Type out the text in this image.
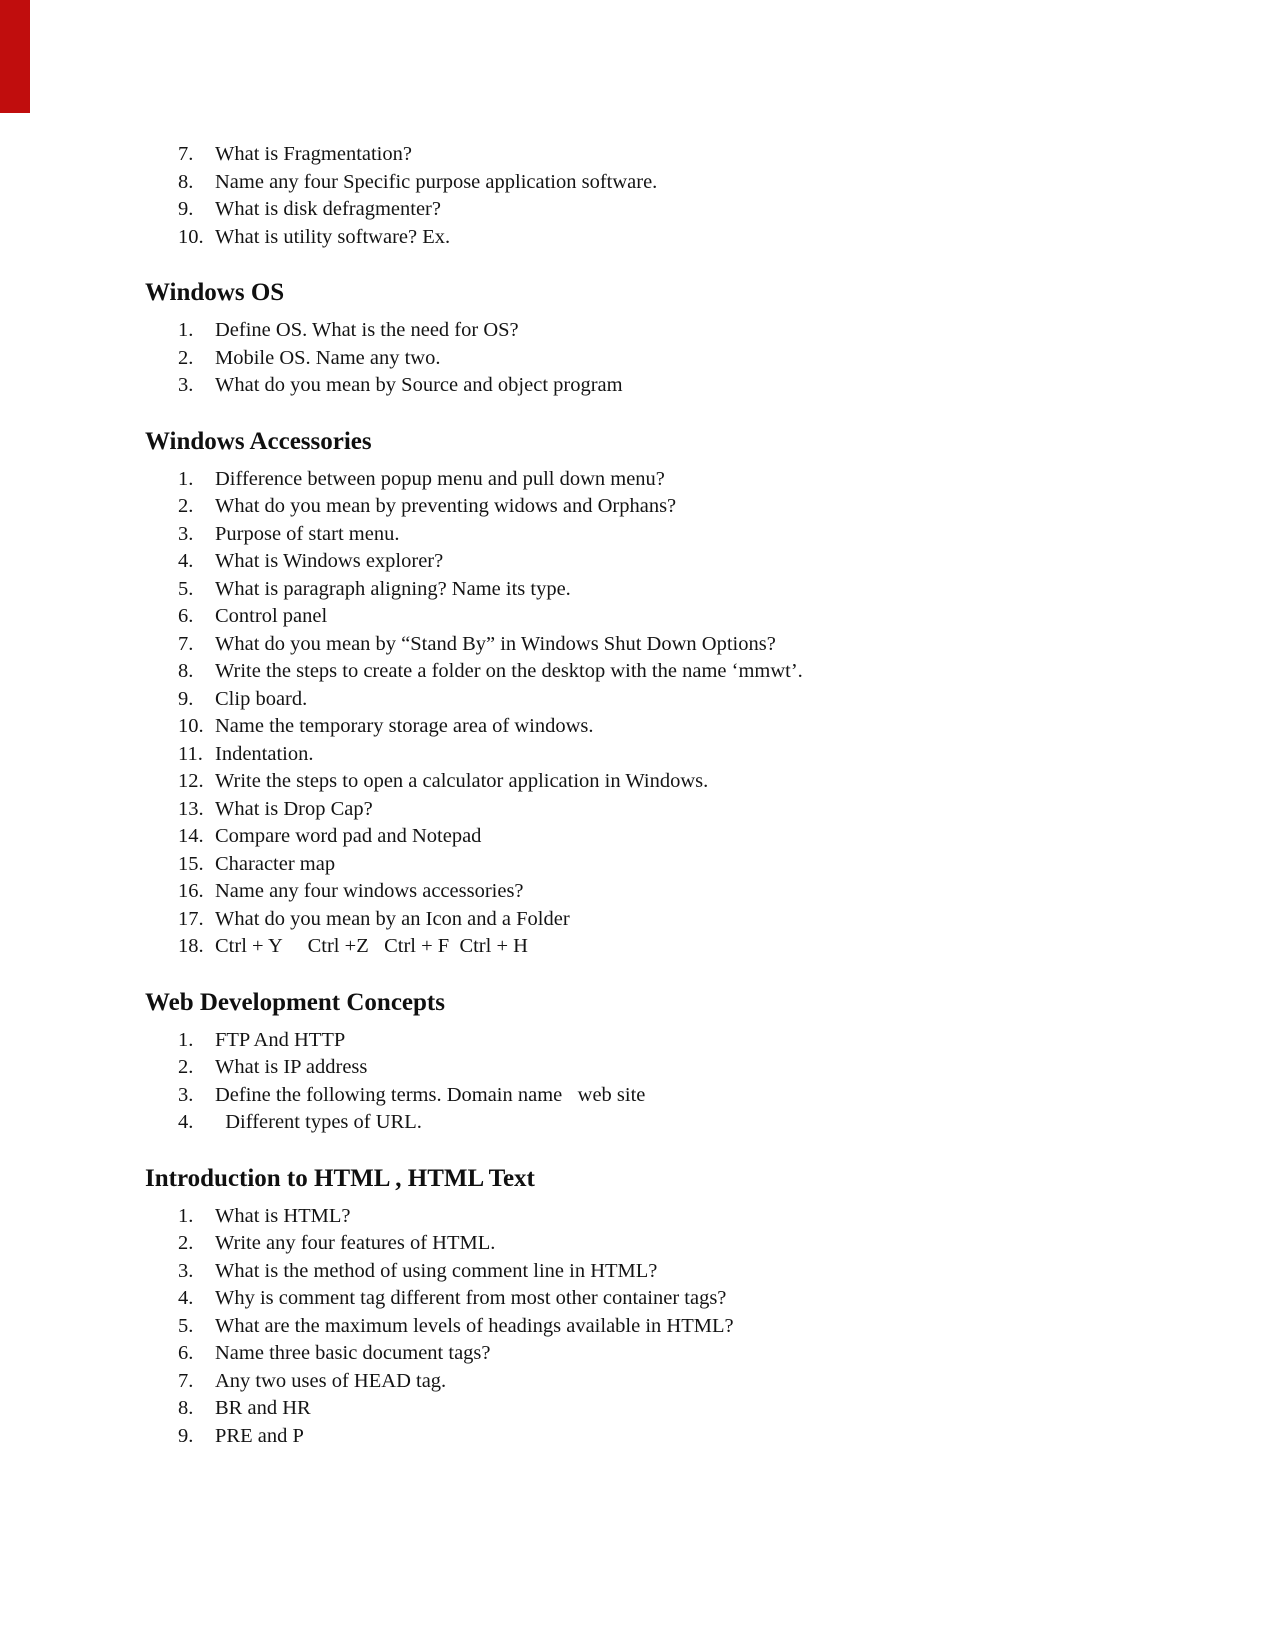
7.	What is Fragmentation?
8.	Name any four Specific purpose application software.
9.	What is disk defragmenter?
10. What is utility software? Ex.
Windows OS
1.	Define OS. What is the need for OS?
2.	Mobile OS. Name any two.
3.	What do you mean by Source and object program
Windows Accessories
1.	Difference between popup menu and pull down menu?
2.	What do you mean by preventing widows and Orphans?
3.	Purpose of start menu.
4.	What is Windows explorer?
5.	What is paragraph aligning? Name its type.
6.	Control panel
7.	What do you mean by “Stand By” in Windows Shut Down Options?
8.	Write the steps to create a folder on the desktop with the name ‘mmwt’.
9.	Clip board.
10. Name the temporary storage area of windows.
11. Indentation.
12. Write the steps to open a calculator application in Windows.
13. What is Drop Cap?
14. Compare word pad and Notepad
15. Character map
16. Name any four windows accessories?
17. What do you mean by an Icon and a Folder
18. Ctrl + Y     Ctrl +Z   Ctrl + F  Ctrl + H
Web Development Concepts
1.	FTP And HTTP
2.	What is IP address
3.	Define the following terms. Domain name   web site
4.	Different types of URL.
Introduction to HTML , HTML Text
1.	What is HTML?
2.	Write any four features of HTML.
3.	What is the method of using comment line in HTML?
4.	Why is comment tag different from most other container tags?
5.	What are the maximum levels of headings available in HTML?
6.	Name three basic document tags?
7.	Any two uses of HEAD tag.
8.	BR and HR
9.	PRE and P
